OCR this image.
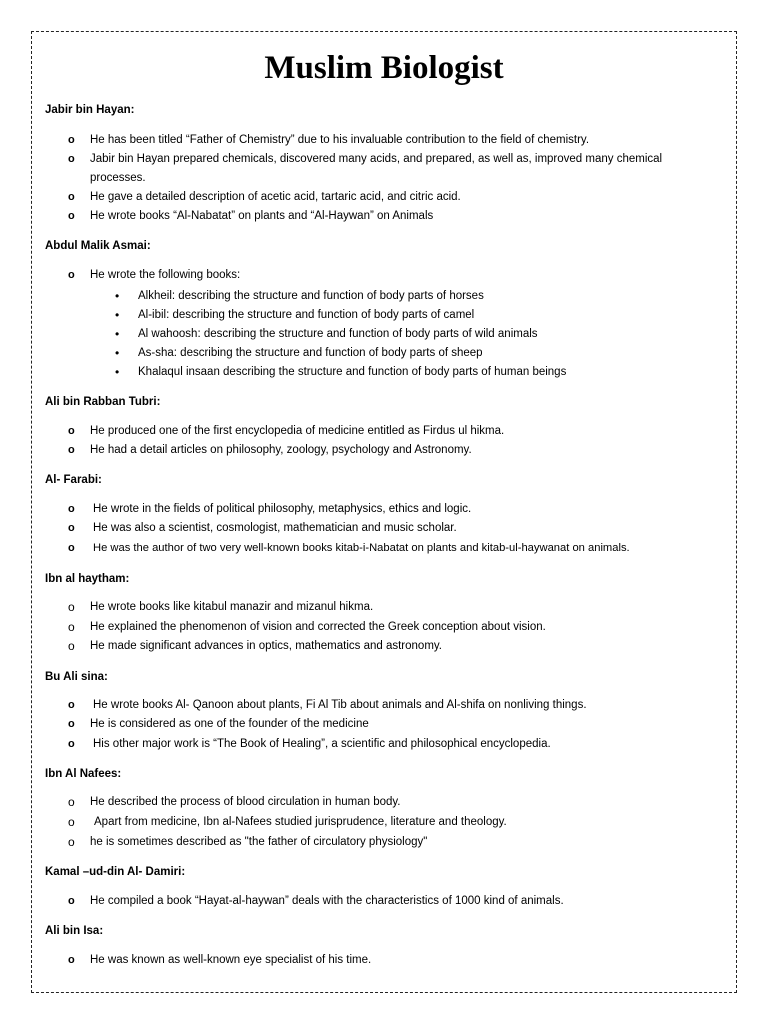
Muslim Biologist
Jabir bin Hayan:
o He has been titled “Father of Chemistry” due to his invaluable contribution to the field of chemistry.
o Jabir bin Hayan prepared chemicals, discovered many acids, and prepared, as well as, improved many chemical processes.
o He gave a detailed description of acetic acid, tartaric acid, and citric acid.
o He wrote books “Al-Nabatat” on plants and “Al-Haywan” on Animals
Abdul Malik Asmai:
o He wrote the following books:
• Alkheil: describing the structure and function of body parts of horses
• Al-ibil: describing the structure and function of body parts of camel
• Al wahoosh: describing the structure and function of body parts of wild animals
• As-sha: describing the structure and function of body parts of sheep
• Khalaqul insaan describing the structure and function of body parts of human beings
Ali bin Rabban Tubri:
o He produced one of the first encyclopedia of medicine entitled as Firdus ul hikma.
o He had a detail articles on philosophy, zoology, psychology and Astronomy.
Al- Farabi:
o He wrote in the fields of political philosophy, metaphysics, ethics and logic.
o He was also a scientist, cosmologist, mathematician and music scholar.
o He was the author of two very well-known books kitab-i-Nabatat on plants and kitab-ul-haywanat on animals.
Ibn al haytham:
o He wrote books like kitabul manazir and mizanul hikma.
o He explained the phenomenon of vision and corrected the Greek conception about vision.
o He made significant advances in optics, mathematics and astronomy.
Bu Ali sina:
o He wrote books Al- Qanoon about plants, Fi Al Tib about animals and Al-shifa on nonliving things.
o He is considered as one of the founder of the medicine
o His other major work is “The Book of Healing”, a scientific and philosophical encyclopedia.
Ibn Al Nafees:
o He described the process of blood circulation in human body.
o Apart from medicine, Ibn al-Nafees studied jurisprudence, literature and theology.
o he is sometimes described as "the father of circulatory physiology"
Kamal –ud-din Al- Damiri:
o He compiled a book “Hayat-al-haywan” deals with the characteristics of 1000 kind of animals.
Ali bin Isa:
o He was known as well-known eye specialist of his time.
